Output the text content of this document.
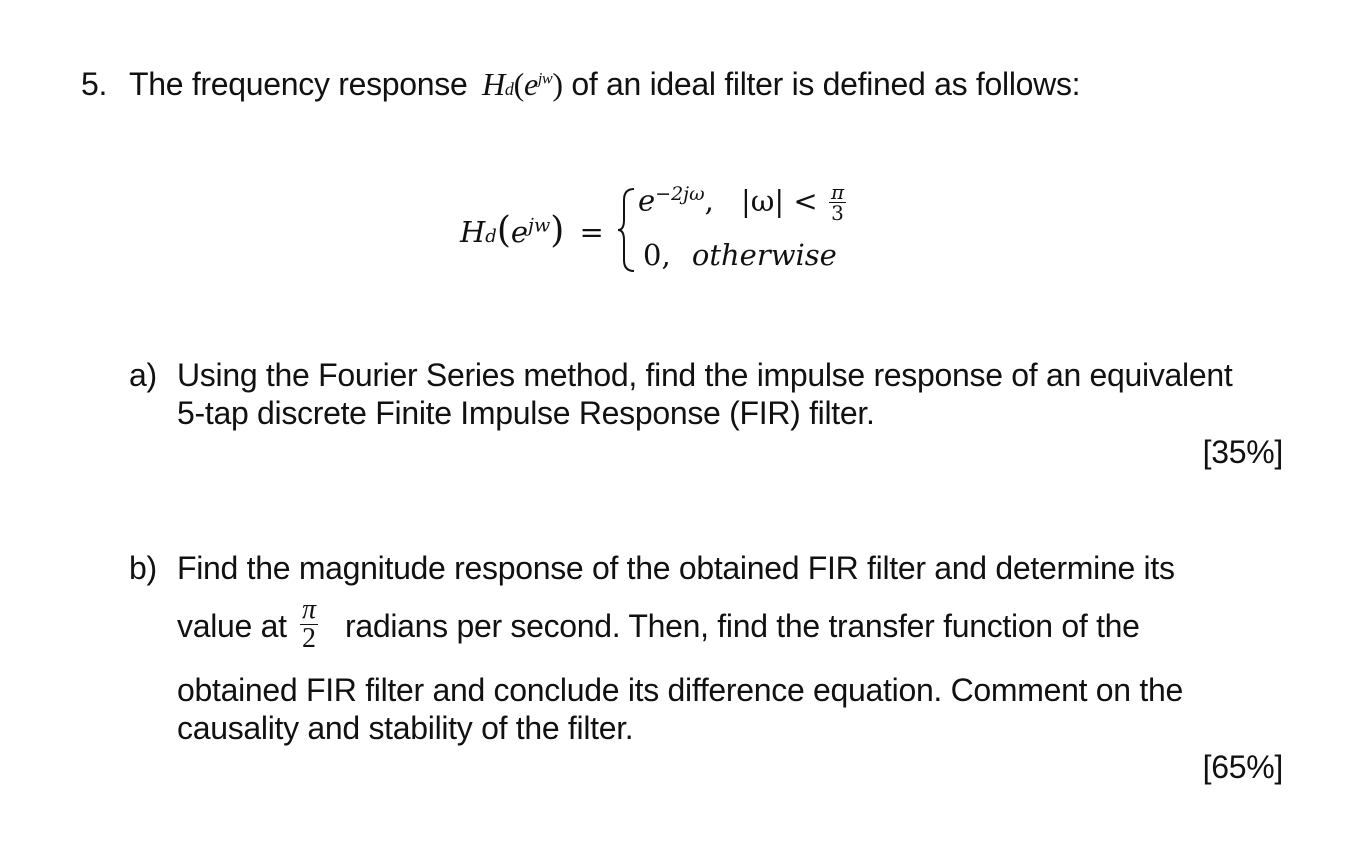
5. The frequency response $Hd(e^{jw})$ of an ideal filter is defined as follows:
$Hd(e^{jw})$ =
$e^{-2j\omega}$, $|\omega| < \frac{\pi}{3}$
0, otherwise
a) Using the Fourier Series method, find the impulse response of an equivalent
5-tap discrete Finite Impulse Response (FIR) filter.
[35%]
b) Find the magnitude response of the obtained FIR filter and determine its
value at $\frac{\pi}{2}$ radians per second. Then, find the transfer function of the
obtained FIR filter and conclude its difference equation. Comment on the
causality and stability of the filter.
[65%]
